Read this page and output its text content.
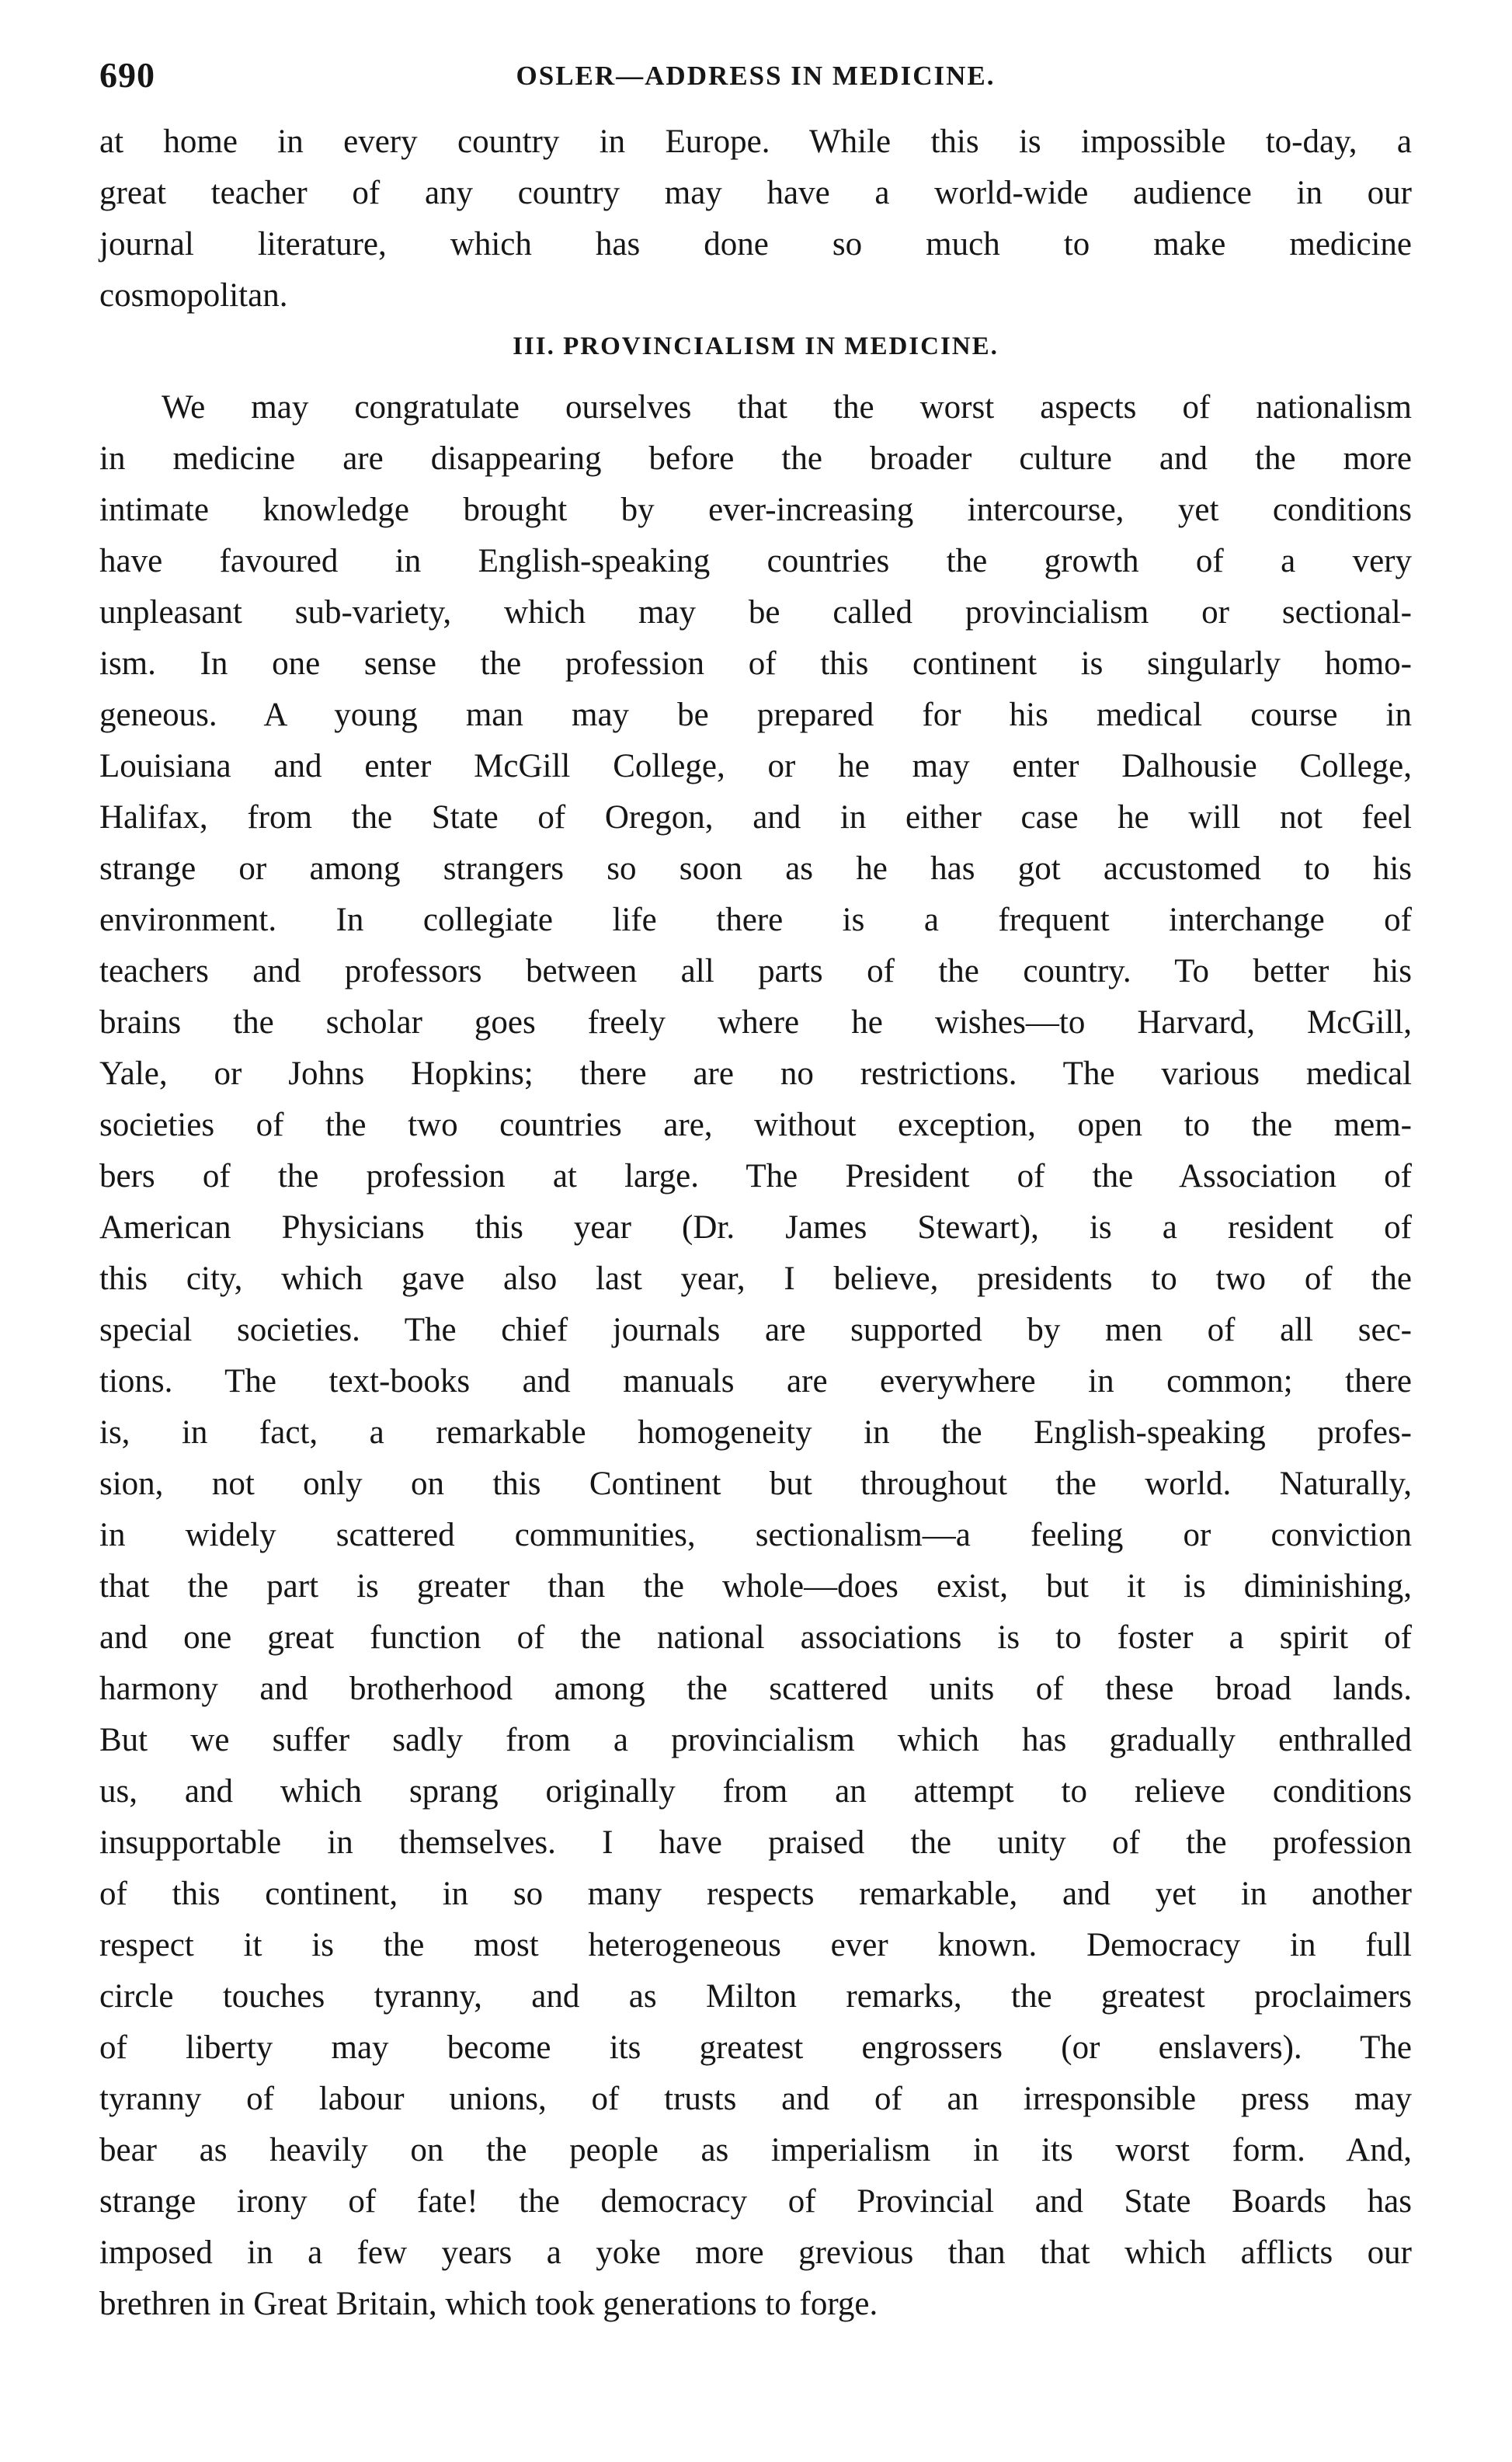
690	OSLER—ADDRESS IN MEDICINE.

at home in every country in Europe. While this is impossible to-day, a
great teacher of any country may have a world-wide audience in our
journal literature, which has done so much to make medicine
cosmopolitan.

III. PROVINCIALISM IN MEDICINE.

We may congratulate ourselves that the worst aspects of nationalism
in medicine are disappearing before the broader culture and the more
intimate knowledge brought by ever-increasing intercourse, yet conditions
have favoured in English-speaking countries the growth of a very
unpleasant sub-variety, which may be called provincialism or sectional-
ism. In one sense the profession of this continent is singularly homo-
geneous. A young man may be prepared for his medical course in
Louisiana and enter McGill College, or he may enter Dalhousie College,
Halifax, from the State of Oregon, and in either case he will not feel
strange or among strangers so soon as he has got accustomed to his
environment. In collegiate life there is a frequent interchange of
teachers and professors between all parts of the country. To better his
brains the scholar goes freely where he wishes—to Harvard, McGill,
Yale, or Johns Hopkins; there are no restrictions. The various medical
societies of the two countries are, without exception, open to the mem-
bers of the profession at large. The President of the Association of
American Physicians this year (Dr. James Stewart), is a resident of
this city, which gave also last year, I believe, presidents to two of the
special societies. The chief journals are supported by men of all sec-
tions. The text-books and manuals are everywhere in common; there
is, in fact, a remarkable homogeneity in the English-speaking profes-
sion, not only on this Continent but throughout the world. Naturally,
in widely scattered communities, sectionalism—a feeling or conviction
that the part is greater than the whole—does exist, but it is diminishing,
and one great function of the national associations is to foster a spirit of
harmony and brotherhood among the scattered units of these broad lands.
But we suffer sadly from a provincialism which has gradually enthralled
us, and which sprang originally from an attempt to relieve conditions
insupportable in themselves. I have praised the unity of the profession
of this continent, in so many respects remarkable, and yet in another
respect it is the most heterogeneous ever known. Democracy in full
circle touches tyranny, and as Milton remarks, the greatest proclaimers
of liberty may become its greatest engrossers (or enslavers). The
tyranny of labour unions, of trusts and of an irresponsible press may
bear as heavily on the people as imperialism in its worst form. And,
strange irony of fate! the democracy of Provincial and State Boards has
imposed in a few years a yoke more grevious than that which afflicts our
brethren in Great Britain, which took generations to forge.
